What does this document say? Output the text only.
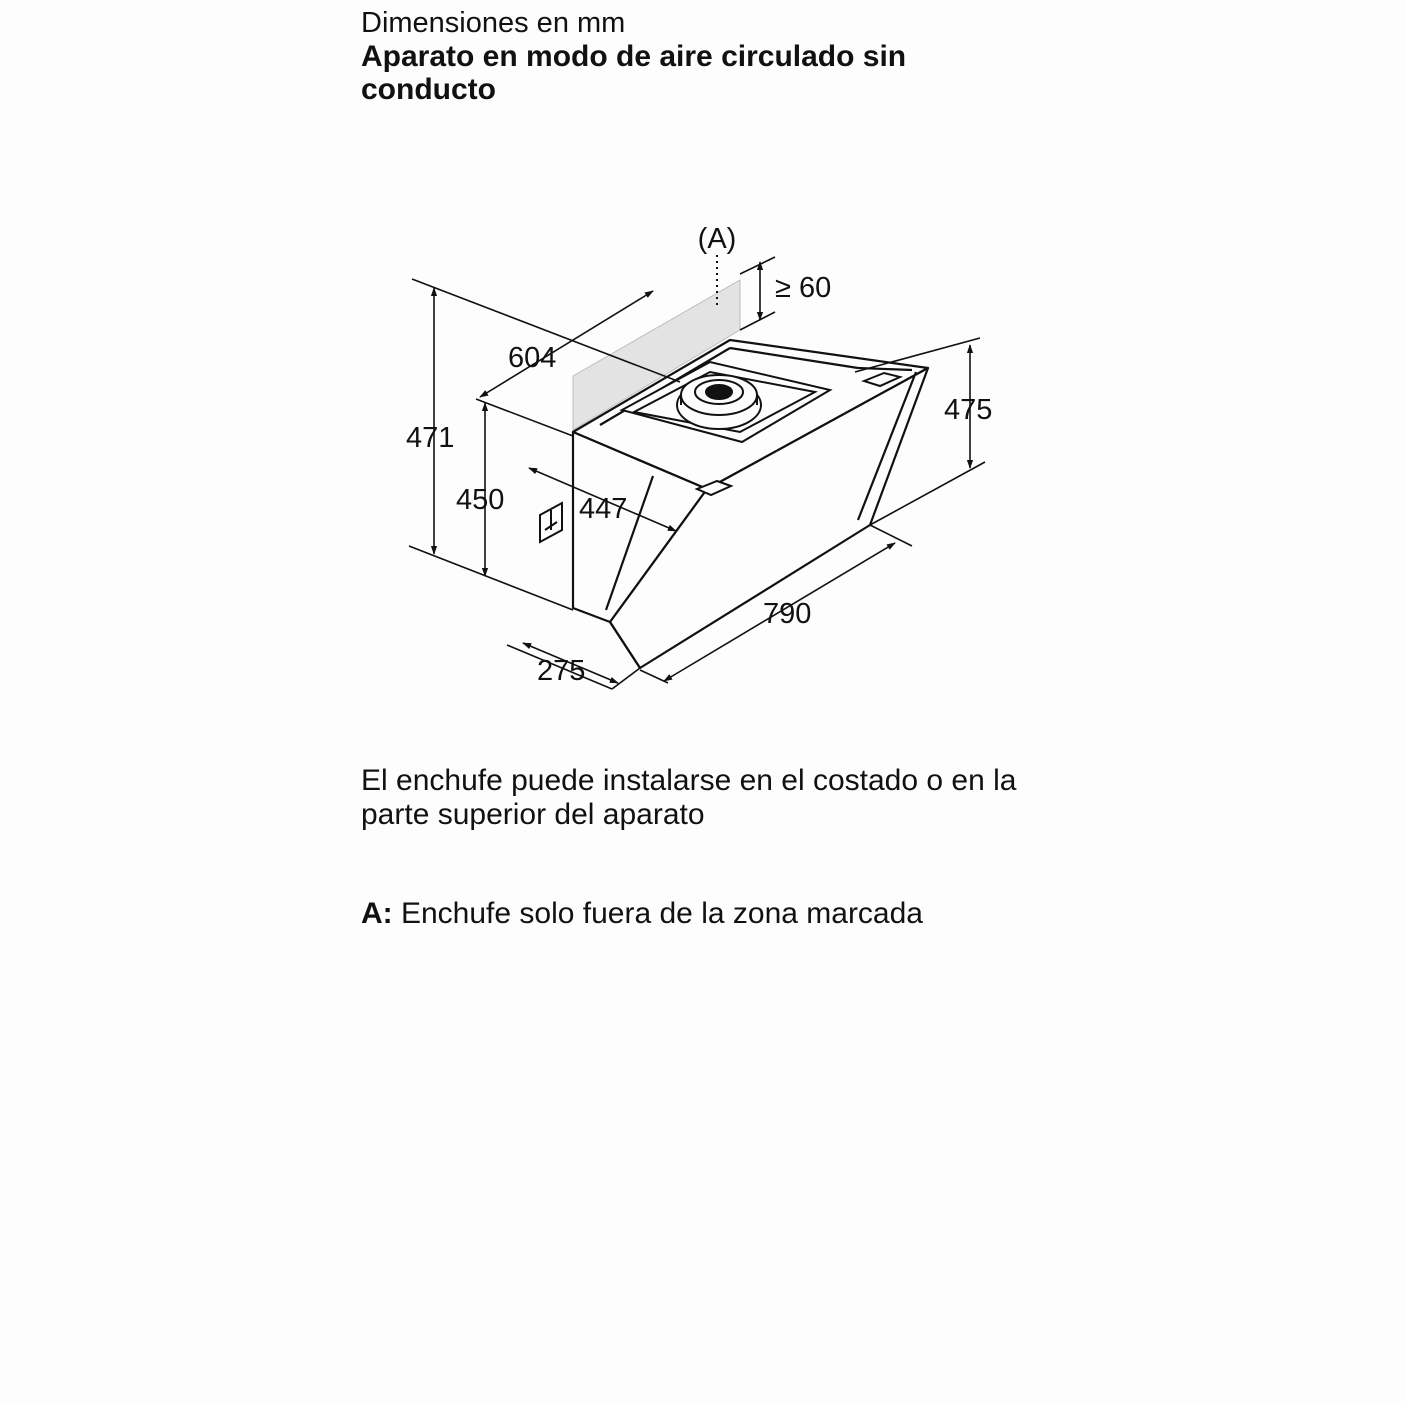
Dimensiones en mm
Aparato en modo de aire circulado sin conducto
(A)
≥ 60
604
471
450	447
475
790
275
El enchufe puede instalarse en el costado o en la parte superior del aparato
A: Enchufe solo fuera de la zona marcada
